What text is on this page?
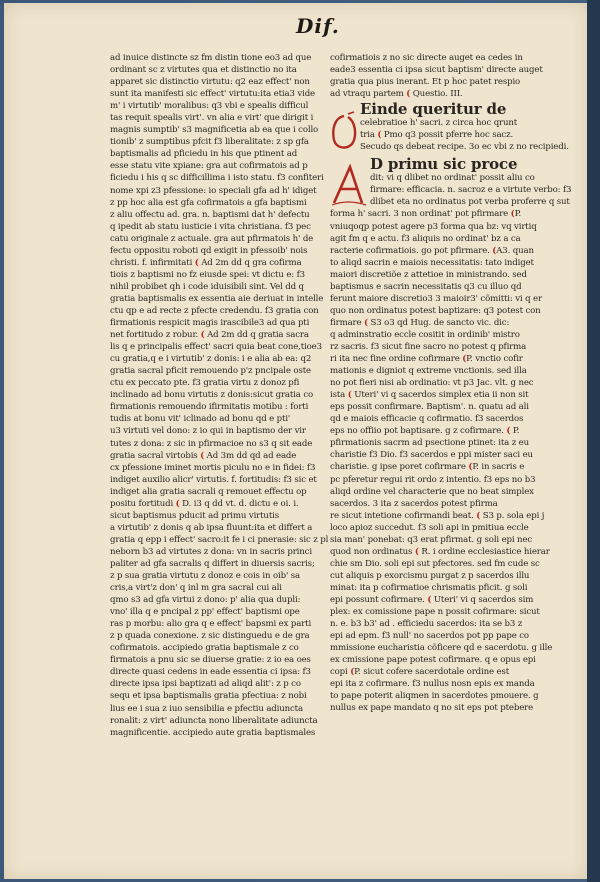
Dif.
ad inuice distincte sz fm distin tione eo3 ad que
ordinant sc z virtutes qua et distinctio no ita
apparet sic distinctio virtutu: q2 eaz effect' non
sunt ita manifesti sic effect' virtutu:ita etia3 vide
m' i virtutib' moralibus: q3 vbi e spealis difficul
tas requit spealis virt'. vn alia e virt' que dirigit i
magnis sumptib' s3 magnificetia ab ea que i collo
tionib' z sumptibus pfcit f3 liberalitate: z sp gfa
baptismalis ad pficiedu in his que ptinent ad
esse statu vite xpiane: gra aut cofirmatois ad p
ficiedu i his q sc difficillima i isto statu. f3 confiteri
nome xpi z3 pfessione: io speciali gfa ad h' idiget
z pp hoc alia est gfa cofirmatois a gfa baptismi
z aliu offectu ad. gra. n. baptismi dat h' defectu
q ipedit ab statu iusticie i vita christiana. f3 pec
catu originale z actuale. gra aut pfirmatois h' de
fectu oppositu roboti qd exigit in pfessoib' nois
christi. f. infirmitati ( Ad 2m dd q gra cofirma
tiois z baptismi no fz eiusde spei: vt dictu e: f3
nihil probibet qh i code iduisibili sint. Vel dd q
gratia baptismalis ex essentia aie deriuat in intelle
ctu qp e ad recte z pfecte credendu. f3 gratia con
firmationis respicit magis irascibile3 ad qua pti
net fortitudo z robur. ( Ad 2m dd q gratia sacra
lis q e principalis effect' sacri quia beat cone,tioe3
cu gratia,q e i virtutib' z donis: i e alia ab ea: q2
gratia sacral pficit remouendo p'z pncipale oste
ctu ex peccato pte. f3 gratia virtu z donoz pfi
inclinado ad bonu virtutis z donis:sicut gratia co
firmationis remouendo ifirmitatis motibu : forti
tudis at bonu vit' iclinado ad bonu qd e pti'
u3 virtuti vel dono: z io qui in baptismo der vir
tutes z dona: z sic in pfirmacioe no s3 q sit eade
gratia sacral virtobis ( Ad 3m dd qd ad eade
cx pfessione iminet mortis piculu no e in fidei: f3
indiget auxilio alicr' virtutis. f. fortitudis: f3 sic et
indiget alia gratia sacrali q remouet effectu op
positu fortitudi ( D. i3 q dd vt. d. dictu e oi. i.
sicut baptismus pducit ad primu virtutis
a virtutib' z donis q ab ipsa fluunt:ita et differt a
gratia q epp i effect' sacro:it fe i ci pnerasie: sic z pl
neborn b3 ad virtutes z dona: vn in sacris princi
paliter ad gfa sacralis q differt in diuersis sacris;
z p sua gratia virtutu z donoz e cois in oib' sa
cris,a virt'z don' q inl m gra sacral cui ali
qmo s3 ad gfa virtui z dono: p' alia qua dupli:
vno' illa q e pncipal z pp' effect' baptismi ope
ras p morbu: alio gra q e effect' bapsmi ex parti
z p quada conexione. z sic distinguedu e de gra
cofirmatois. accipiedo gratia baptismale z co
firmatois a pnu sic se diuerse gratie: z io ea oes
directe quasi cedens in eade essentia ci ipsa: f3
directe ipsa ipsi baptizati ad aliqd alit': z p co
sequ et ipsa baptismalis gratia pfectiua: z nobi
lius ee i sua z iuo sensibilia e pfectiu adiuncta
ronalit: z virt' adiuncta nono liberalitate adiuncta
magnificentie. accipiedo aute gratia baptismales
cofirmatiois z no sic directe auget ea cedes in
eade3 essentia ci ipsa sicut baptism' directe auget
gratia qua pius inerant. Et p hoc patet respio
ad vtraqu partem ( Questio. III.
Einde queritur de
celebratioe h' sacri. z circa hoc qrunt
tria ( Pmo q3 possit pferre hoc sacz.
Secudo qs debeat recipe. 3o ec vbi z no recipiedi.
D primu sic proce
dit: vi q dlibet no ordinat' possit aliu co
firmare: efficacia. n. sacroz e a virtute verbo: f3
dlibet eta no ordinatus pot verba proferre q sut
forma h' sacri. 3 non ordinat' pot pfirmare (P.
vniuqoqp potest agere p3 forma qua bz: vq virtiq
agit fm q e actu. f3 aliquis no ordinat' bz a ca
racterie cofirmatiois. go pot pfirmare. (A3. quan
to aliqd sacrin e maiois necessitatis: tato indiget
maiori discretiõe z attetioe in ministrando. sed
baptismus e sacrin necessitatis q3 cu illuo qd
ferunt maiore discretio3 3 maioir3' cõmitti: vi q er
quo non ordinatus potest baptizare: q3 potest con
firmare ( S3 o3 qd Hug. de sancto vic. dic:
q adminstratio eccle cositit in ordinib' mistro
rz sacris. f3 sicut fine sacro no potest q pfirma
ri ita nec fine ordine cofirmare (P. vnctio cofir
mationis e digniot q extreme vnctionis. sed illa
no pot fieri nisi ab ordinatio: vt p3 Jac. vlt. g nec
ista ( Uteri' vi q sacerdos simplex etia ii non sit
eps possit confirmare. Baptism'. n. quatu ad ali
qd e maiois efficacie q cofirmatio. f3 sacerdos
eps no offiio pot baptisare. g z cofirmare. ( P.
pfirmationis sacrm ad psectione ptinet: ita z eu
charistie f3 Dio. f3 sacerdos e ppi mister saci eu
charistie. g ipse poret cofirmare (P. in sacris e
pc pferetur regui rit ordo z intentio. f3 eps no b3
aliqd ordine vel characterie que no beat simplex
sacerdos. 3 ita z sacerdos potest pfirma
re sicut intetione cofirmandi beat. ( S3 p. sola epi j
loco apioz succedut. f3 soli api in pmitiua eccle
sia man' ponebat: q3 erat pfirmat. g soli epi nec
quod non ordinatus ( R. i ordine ecclesiastice hierar
chie sm Dio. soli epi sut pfectores. sed fm cude sc
cut aliquis p exorcismu purgat z p sacerdos illu
minat: ita p cofirmatioe chrismatis pficit. g soli
epi possunt cofirmare. ( Uteri' vi q sacerdos sim
plex: ex comissione pape n possit cofirmare: sicut
n. e. b3 b3' ad . efficiedu sacerdos: ita se b3 z
epi ad epm. f3 null' no sacerdos pot pp pape co
mmissione eucharistia cõficere qd e sacerdotu. g ille
ex cmissione pape potest cofirmare. q e opus epi
copi (P. sicut cofere sacerdotale ordine est
epi ita z cofirmare. f3 nullus nosn epis ex manda
to pape poterit aliqmen in sacerdotes pmouere. g
nullus ex pape mandato q no sit eps pot ptebere
